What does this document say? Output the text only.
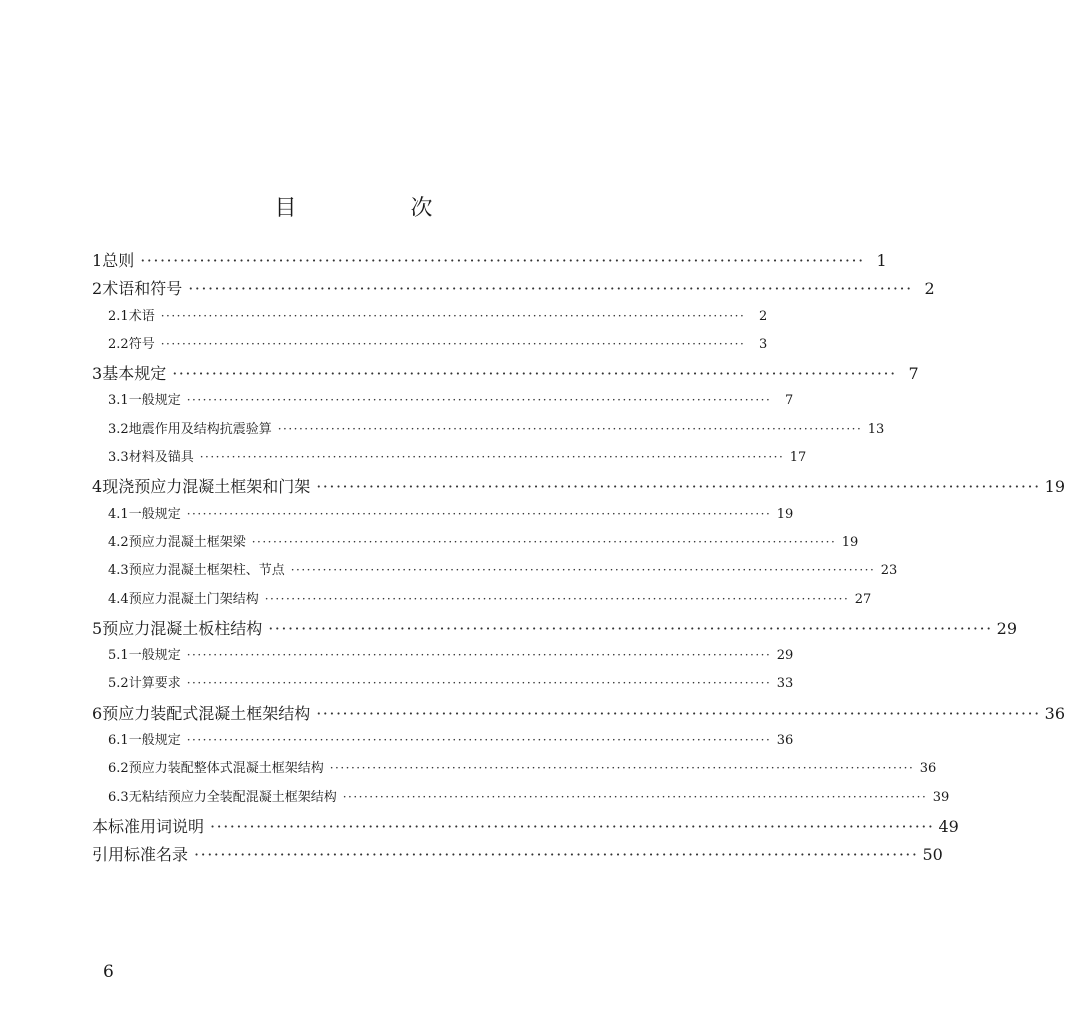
目　次
1 总则 ·············································································································· 1
2 术语和符号 ·············································································································· 2
2.1 术语 ··············································································································	2
2.2 符号 ··············································································································	3
3 基本规定 ·············································································································· 7
3.1 一般规定 ··············································································································	7
3.2 地震作用及结构抗震验算 ·············································································································· 13
3.3 材料及锚具 ·············································································································· 17
4 现浇预应力混凝土框架和门架 ·············································································································· 19
4.1 一般规定 ·············································································································· 19
4.2 预应力混凝土框架梁 ·············································································································· 19
4.3 预应力混凝土框架柱、节点 ·············································································································· 23
4.4 预应力混凝土门架结构 ·············································································································· 27
5 预应力混凝土板柱结构 ·············································································································· 29
5.1 一般规定 ·············································································································· 29
5.2 计算要求 ·············································································································· 33
6 预应力装配式混凝土框架结构 ·············································································································· 36
6.1 一般规定 ·············································································································· 36
6.2 预应力装配整体式混凝土框架结构 ·············································································································· 36
6.3 无粘结预应力全装配混凝土框架结构 ·············································································································· 39
本标准用词说明 ·············································································································· 49
引用标准名录 ·············································································································· 50
6
